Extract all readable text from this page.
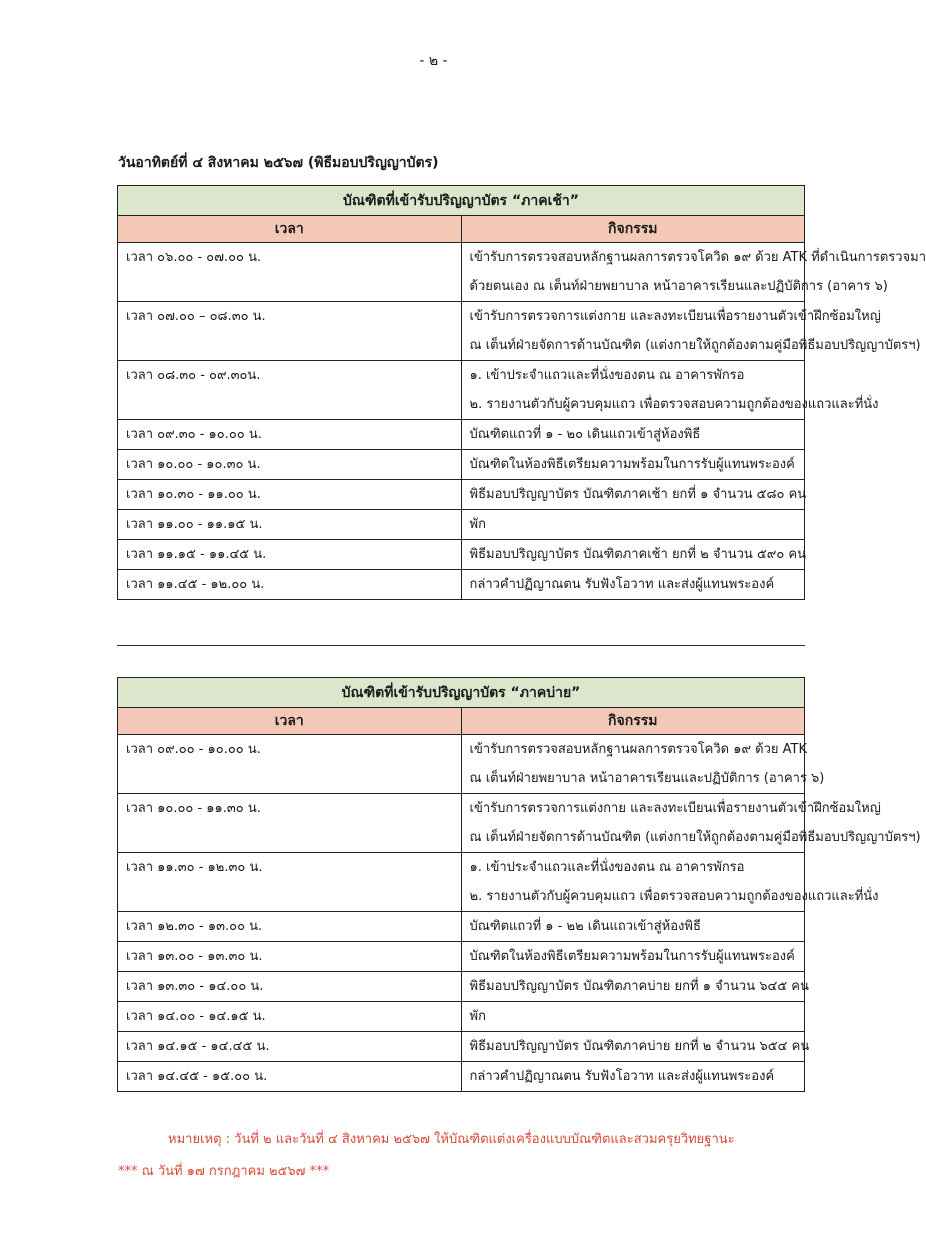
- ๒ -
วันอาทิตย์ที่ ๔ สิงหาคม ๒๕๖๗ (พิธีมอบปริญญาบัตร)
บัณฑิตที่เข้ารับปริญญาบัตร “ภาคเช้า”	
เวลา	กิจกรรม
เวลา ๐๖.๐๐ - ๐๗.๐๐ น.	เข้ารับการตรวจสอบหลักฐานผลการตรวจโควิด ๑๙ ด้วย ATK ที่ดำเนินการตรวจมา
ด้วยตนเอง ณ เต็นท์ฝ่ายพยาบาล หน้าอาคารเรียนและปฏิบัติการ (อาคาร ๖)

เวลา ๐๗.๐๐ – ๐๘.๓๐ น.	เข้ารับการตรวจการแต่งกาย และลงทะเบียนเพื่อรายงานตัวเข้าฝึกซ้อมใหญ่
ณ เต็นท์ฝ่ายจัดการด้านบัณฑิต (แต่งกายให้ถูกต้องตามคู่มือพิธีมอบปริญญาบัตรฯ)

เวลา ๐๘.๓๐ - ๐๙.๓๐น.	๑. เข้าประจำแถวและที่นั่งของตน ณ อาคารพักรอ
๒. รายงานตัวกับผู้ควบคุมแถว เพื่อตรวจสอบความถูกต้องของแถวและที่นั่ง

เวลา ๐๙.๓๐ - ๑๐.๐๐ น.	บัณฑิตแถวที่ ๑ - ๒๐ เดินแถวเข้าสู่ห้องพิธี

เวลา ๑๐.๐๐ - ๑๐.๓๐ น.	บัณฑิตในห้องพิธีเตรียมความพร้อมในการรับผู้แทนพระองค์

เวลา ๑๐.๓๐ - ๑๑.๐๐ น.	พิธีมอบปริญญาบัตร บัณฑิตภาคเช้า ยกที่ ๑ จำนวน ๕๘๐ คน

เวลา ๑๑.๐๐ - ๑๑.๑๕ น.	พัก

เวลา ๑๑.๑๕ - ๑๑.๔๕ น.	พิธีมอบปริญญาบัตร บัณฑิตภาคเช้า ยกที่ ๒ จำนวน ๕๙๐ คน

เวลา ๑๑.๔๕ - ๑๒.๐๐ น.	กล่าวคำปฏิญาณตน รับฟังโอวาท และส่งผู้แทนพระองค์
บัณฑิตที่เข้ารับปริญญาบัตร “ภาคบ่าย”	
เวลา	กิจกรรม
เวลา ๐๙.๐๐ - ๑๐.๐๐ น.	เข้ารับการตรวจสอบหลักฐานผลการตรวจโควิด ๑๙ ด้วย ATK
ณ เต็นท์ฝ่ายพยาบาล หน้าอาคารเรียนและปฏิบัติการ (อาคาร ๖)

เวลา ๑๐.๐๐ - ๑๑.๓๐ น.	เข้ารับการตรวจการแต่งกาย และลงทะเบียนเพื่อรายงานตัวเข้าฝึกซ้อมใหญ่
ณ เต็นท์ฝ่ายจัดการด้านบัณฑิต (แต่งกายให้ถูกต้องตามคู่มือพิธีมอบปริญญาบัตรฯ)

เวลา ๑๑.๓๐ - ๑๒.๓๐ น.	๑. เข้าประจำแถวและที่นั่งของตน ณ อาคารพักรอ
๒. รายงานตัวกับผู้ควบคุมแถว เพื่อตรวจสอบความถูกต้องของแถวและที่นั่ง

เวลา ๑๒.๓๐ - ๑๓.๐๐ น.	บัณฑิตแถวที่ ๑ - ๒๒ เดินแถวเข้าสู่ห้องพิธี

เวลา ๑๓.๐๐ - ๑๓.๓๐ น.	บัณฑิตในห้องพิธีเตรียมความพร้อมในการรับผู้แทนพระองค์

เวลา ๑๓.๓๐ - ๑๔.๐๐ น.	พิธีมอบปริญญาบัตร บัณฑิตภาคบ่าย ยกที่ ๑ จำนวน ๖๔๕ คน

เวลา ๑๔.๐๐ - ๑๔.๑๕ น.	พัก

เวลา ๑๔.๑๕ - ๑๔.๔๕ น.	พิธีมอบปริญญาบัตร บัณฑิตภาคบ่าย ยกที่ ๒ จำนวน ๖๕๔ คน

เวลา ๑๔.๔๕ - ๑๕.๐๐ น.	กล่าวคำปฏิญาณตน รับฟังโอวาท และส่งผู้แทนพระองค์
หมายเหตุ : วันที่ ๒ และวันที่ ๔ สิงหาคม ๒๕๖๗ ให้บัณฑิตแต่งเครื่องแบบบัณฑิตและสวมครุยวิทยฐานะ
*** ณ วันที่ ๑๗ กรกฎาคม ๒๕๖๗ ***
